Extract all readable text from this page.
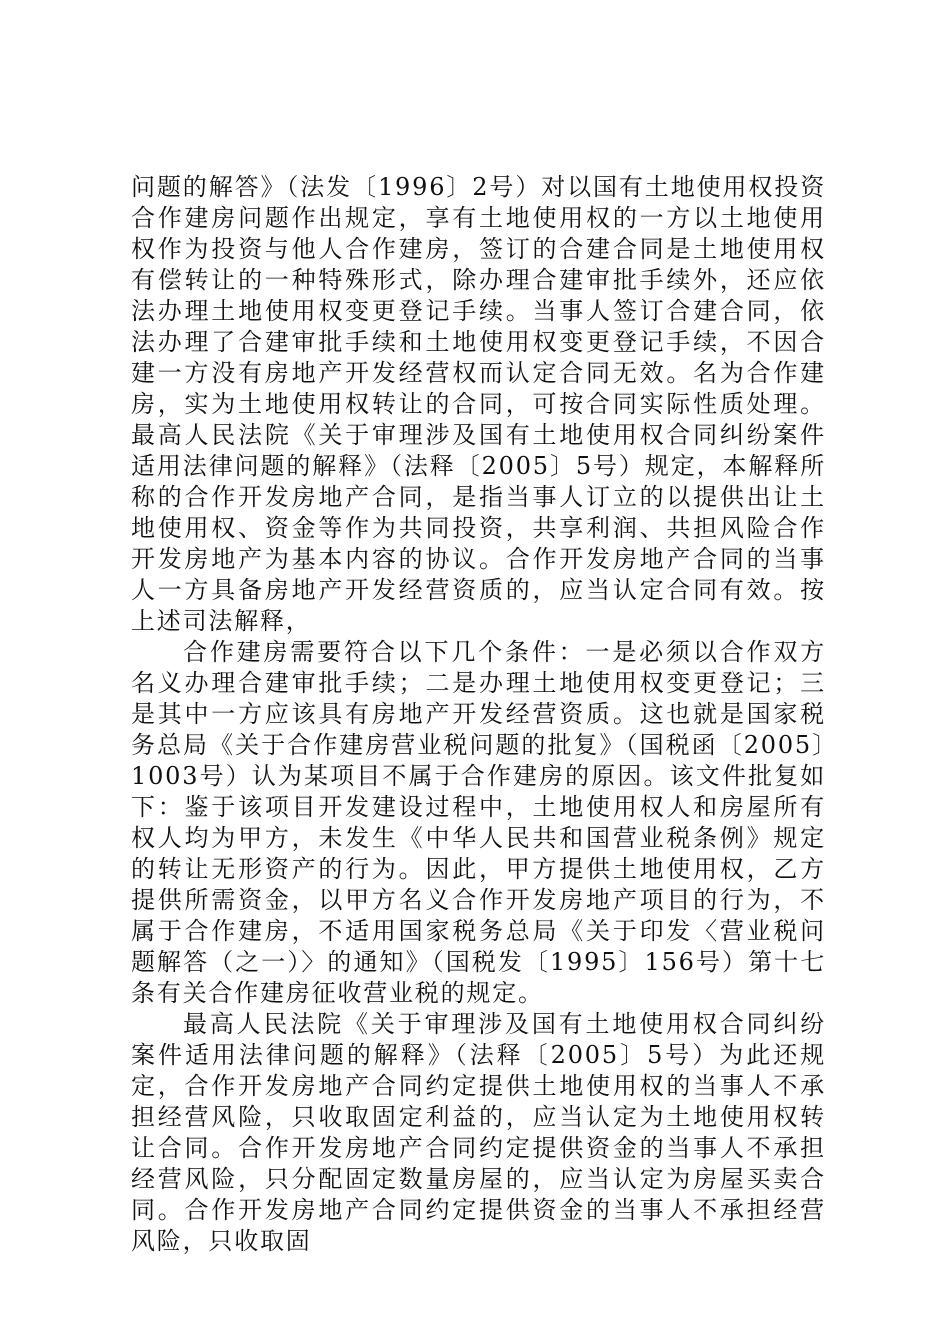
问题的解答》（法发〔1996〕2号）对以国有土地使用权投资合作建房问题作出规定，享有土地使用权的一方以土地使用权作为投资与他人合作建房，签订的合建合同是土地使用权有偿转让的一种特殊形式，除办理合建审批手续外，还应依法办理土地使用权变更登记手续。当事人签订合建合同，依法办理了合建审批手续和土地使用权变更登记手续，不因合建一方没有房地产开发经营权而认定合同无效。名为合作建房，实为土地使用权转让的合同，可按合同实际性质处理。最高人民法院《关于审理涉及国有土地使用权合同纠纷案件适用法律问题的解释》（法释〔2005〕5号）规定，本解释所称的合作开发房地产合同，是指当事人订立的以提供出让土地使用权、资金等作为共同投资，共享利润、共担风险合作开发房地产为基本内容的协议。合作开发房地产合同的当事人一方具备房地产开发经营资质的，应当认定合同有效。按上述司法解释，

合作建房需要符合以下几个条件：一是必须以合作双方名义办理合建审批手续；二是办理土地使用权变更登记；三是其中一方应该具有房地产开发经营资质。这也就是国家税务总局《关于合作建房营业税问题的批复》（国税函〔2005〕1003号）认为某项目不属于合作建房的原因。该文件批复如下：鉴于该项目开发建设过程中，土地使用权人和房屋所有权人均为甲方，未发生《中华人民共和国营业税条例》规定的转让无形资产的行为。因此，甲方提供土地使用权，乙方提供所需资金，以甲方名义合作开发房地产项目的行为，不属于合作建房，不适用国家税务总局《关于印发〈营业税问题解答（之一）〉的通知》（国税发〔1995〕156号）第十七条有关合作建房征收营业税的规定。

最高人民法院《关于审理涉及国有土地使用权合同纠纷案件适用法律问题的解释》（法释〔2005〕5号）为此还规定，合作开发房地产合同约定提供土地使用权的当事人不承担经营风险，只收取固定利益的，应当认定为土地使用权转让合同。合作开发房地产合同约定提供资金的当事人不承担经营风险，只分配固定数量房屋的，应当认定为房屋买卖合同。合作开发房地产合同约定提供资金的当事人不承担经营风险，只收取固
